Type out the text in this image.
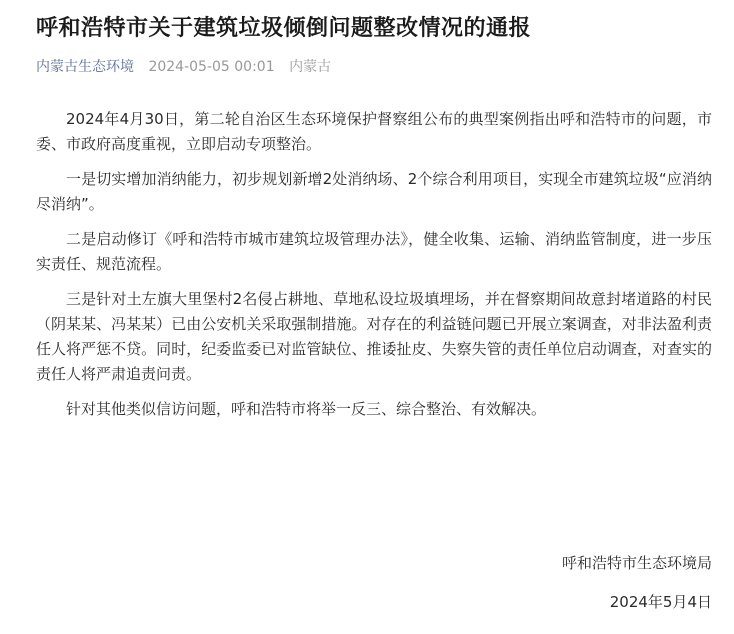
呼和浩特市关于建筑垃圾倾倒问题整改情况的通报
内蒙古生态环境 2024-05-05 00:01 内蒙古

2024年4月30日，第二轮自治区生态环境保护督察组公布的典型案例指出呼和浩特市的问题，市委、市政府高度重视，立即启动专项整治。

一是切实增加消纳能力，初步规划新增2处消纳场、2个综合利用项目，实现全市建筑垃圾“应消纳尽消纳”。

二是启动修订《呼和浩特市城市建筑垃圾管理办法》，健全收集、运输、消纳监管制度，进一步压实责任、规范流程。

三是针对土左旗大里堡村2名侵占耕地、草地私设垃圾填埋场，并在督察期间故意封堵道路的村民（阴某某、冯某某）已由公安机关采取强制措施。对存在的利益链问题已开展立案调查，对非法盈利责任人将严惩不贷。同时，纪委监委已对监管缺位、推诿扯皮、失察失管的责任单位启动调查，对查实的责任人将严肃追责问责。

针对其他类似信访问题，呼和浩特市将举一反三、综合整治、有效解决。

呼和浩特市生态环境局
2024年5月4日
